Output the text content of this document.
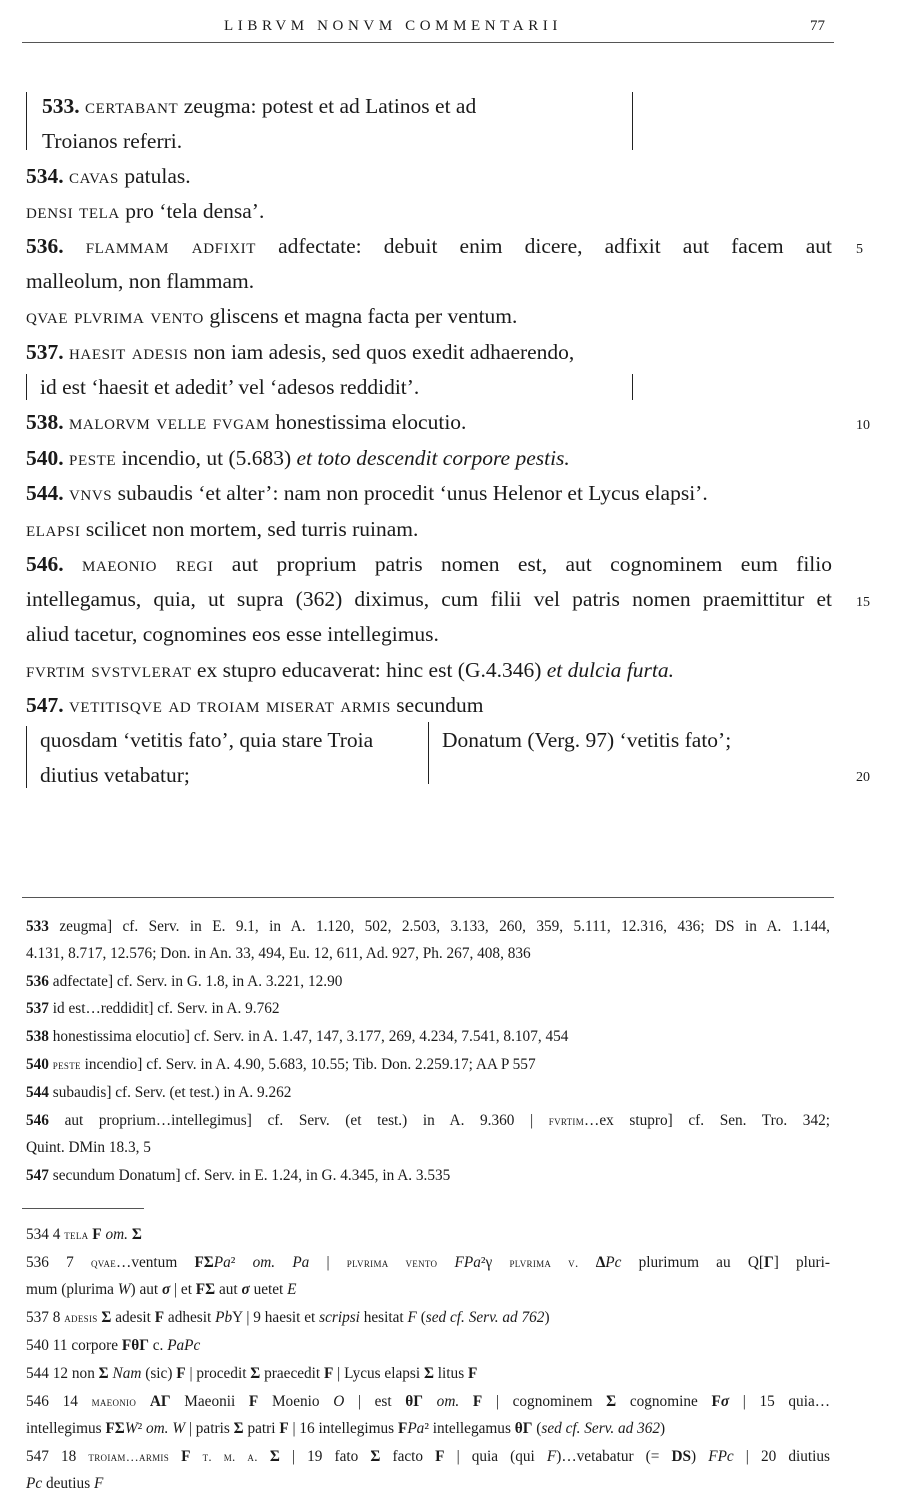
LIBRVM NONVM COMMENTARII	77
533. certabant zeugma: potest et ad Latinos et ad
Troianos referri.
534. cavas patulas.
densi tela pro ‘tela densa’.
536. flammam adfixit adfectate: debuit enim dicere, adfixit aut facem aut
malleolum, non flammam.
qvae plvrima vento gliscens et magna facta per ventum.
537. haesit adesis non iam adesis, sed quos exedit adhaerendo,
id est ‘haesit et adedit’ vel ‘adesos reddidit’.
538. malorvm velle fvgam honestissima elocutio.
540. peste incendio, ut (5.683) et toto descendit corpore pestis.
544. vnvs subaudis ‘et alter’: nam non procedit ‘unus Helenor et Lycus elapsi’.
elapsi scilicet non mortem, sed turris ruinam.
546. maeonio regi aut proprium patris nomen est, aut cognominem eum filio
intellegamus, quia, ut supra (362) diximus, cum filii vel patris nomen praemittitur et
aliud tacetur, cognomines eos esse intellegimus.
fvrtim svstvlerat ex stupro educaverat: hinc est (G.4.346) et dulcia furta.
547. vetitisqve ad troiam miserat armis secundum
quosdam ‘vetitis fato’, quia stare Troia
diutius vetabatur;
Donatum (Verg. 97) ‘vetitis fato’;
5
10
15
20
533 zeugma] cf. Serv. in E. 9.1, in A. 1.120, 502, 2.503, 3.133, 260, 359, 5.111, 12.316, 436; DS in A. 1.144,
4.131, 8.717, 12.576; Don. in An. 33, 494, Eu. 12, 611, Ad. 927, Ph. 267, 408, 836
536 adfectate] cf. Serv. in G. 1.8, in A. 3.221, 12.90
537 id est…reddidit] cf. Serv. in A. 9.762
538 honestissima elocutio] cf. Serv. in A. 1.47, 147, 3.177, 269, 4.234, 7.541, 8.107, 454
540 peste incendio] cf. Serv. in A. 4.90, 5.683, 10.55; Tib. Don. 2.259.17; AA P 557
544 subaudis] cf. Serv. (et test.) in A. 9.262
546 aut proprium…intellegimus] cf. Serv. (et test.) in A. 9.360 | fvrtim…ex stupro] cf. Sen. Tro. 342;
Quint. DMin 18.3, 5
547 secundum Donatum] cf. Serv. in E. 1.24, in G. 4.345, in A. 3.535
534 4 tela F om. Σ
536 7 qvae…ventum FΣPa² om. Pa | plvrima vento FPa²γ plvrima v. ΔPc plurimum au Q[Γ] pluri-
mum (plurima W) aut σ | et FΣ aut σ uetet E
537 8 adesis Σ adesit F adhesit PbY | 9 haesit et scripsi hesitat F (sed cf. Serv. ad 762)
540 11 corpore FθΓ c. PaPc
544 12 non Σ Nam (sic) F | procedit Σ praecedit F | Lycus elapsi Σ litus F
546 14 maeonio AΓ Maeonii F Moenio O | est θΓ om. F | cognominem Σ cognomine Fσ | 15 quia…
intellegimus FΣW² om. W | patris Σ patri F | 16 intellegimus FPa² intellegamus θΓ (sed cf. Serv. ad 362)
547 18 troiam…armis F t. m. a. Σ | 19 fato Σ facto F | quia (qui F)…vetabatur (= DS) FPc | 20 diutius
Pc deutius F
